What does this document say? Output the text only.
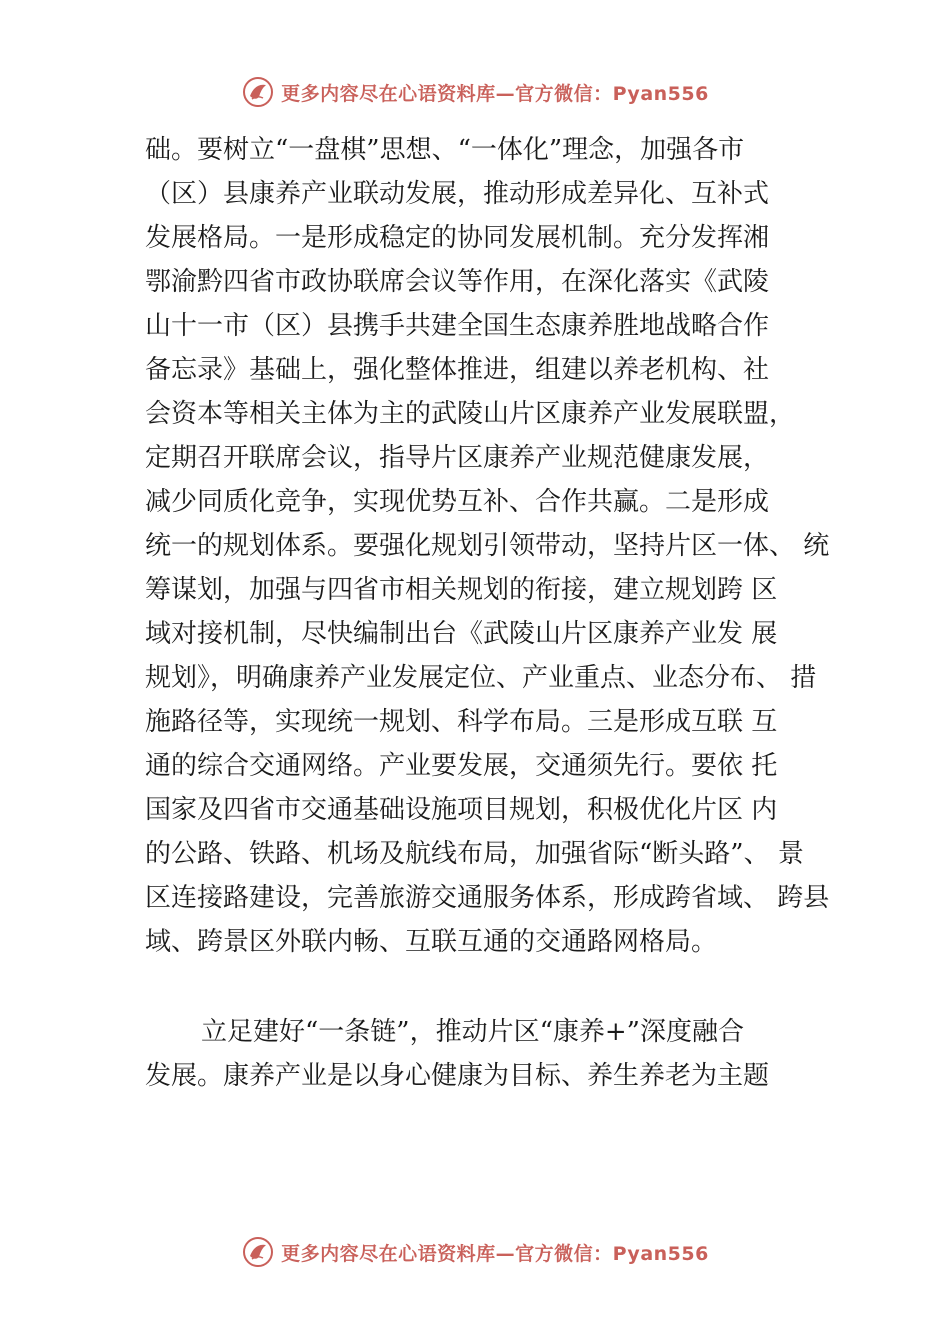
更多内容尽在心语资料库—官方微信：Pyan556
础。要树立“一盘棋”思想、“一体化”理念，加强各市
（区）县康养产业联动发展，推动形成差异化、互补式
发展格局。一是形成稳定的协同发展机制。充分发挥湘
鄂渝黔四省市政协联席会议等作用，在深化落实《武陵
山十一市（区）县携手共建全国生态康养胜地战略合作
备忘录》基础上，强化整体推进，组建以养老机构、社
会资本等相关主体为主的武陵山片区康养产业发展联盟，
定期召开联席会议，指导片区康养产业规范健康发展，
减少同质化竞争，实现优势互补、合作共赢。二是形成
统一的规划体系。要强化规划引领带动，坚持片区一体、 统
筹谋划，加强与四省市相关规划的衔接，建立规划跨 区
域对接机制，尽快编制出台《武陵山片区康养产业发 展
规划》，明确康养产业发展定位、产业重点、业态分布、 措
施路径等，实现统一规划、科学布局。三是形成互联 互
通的综合交通网络。产业要发展，交通须先行。要依 托
国家及四省市交通基础设施项目规划，积极优化片区 内
的公路、铁路、机场及航线布局，加强省际“断头路”、 景
区连接路建设，完善旅游交通服务体系，形成跨省域、 跨县
域、跨景区外联内畅、互联互通的交通路网格局。
立足建好“一条链”，推动片区“康养+”深度融合
发展。康养产业是以身心健康为目标、养生养老为主题
更多内容尽在心语资料库—官方微信：Pyan556
